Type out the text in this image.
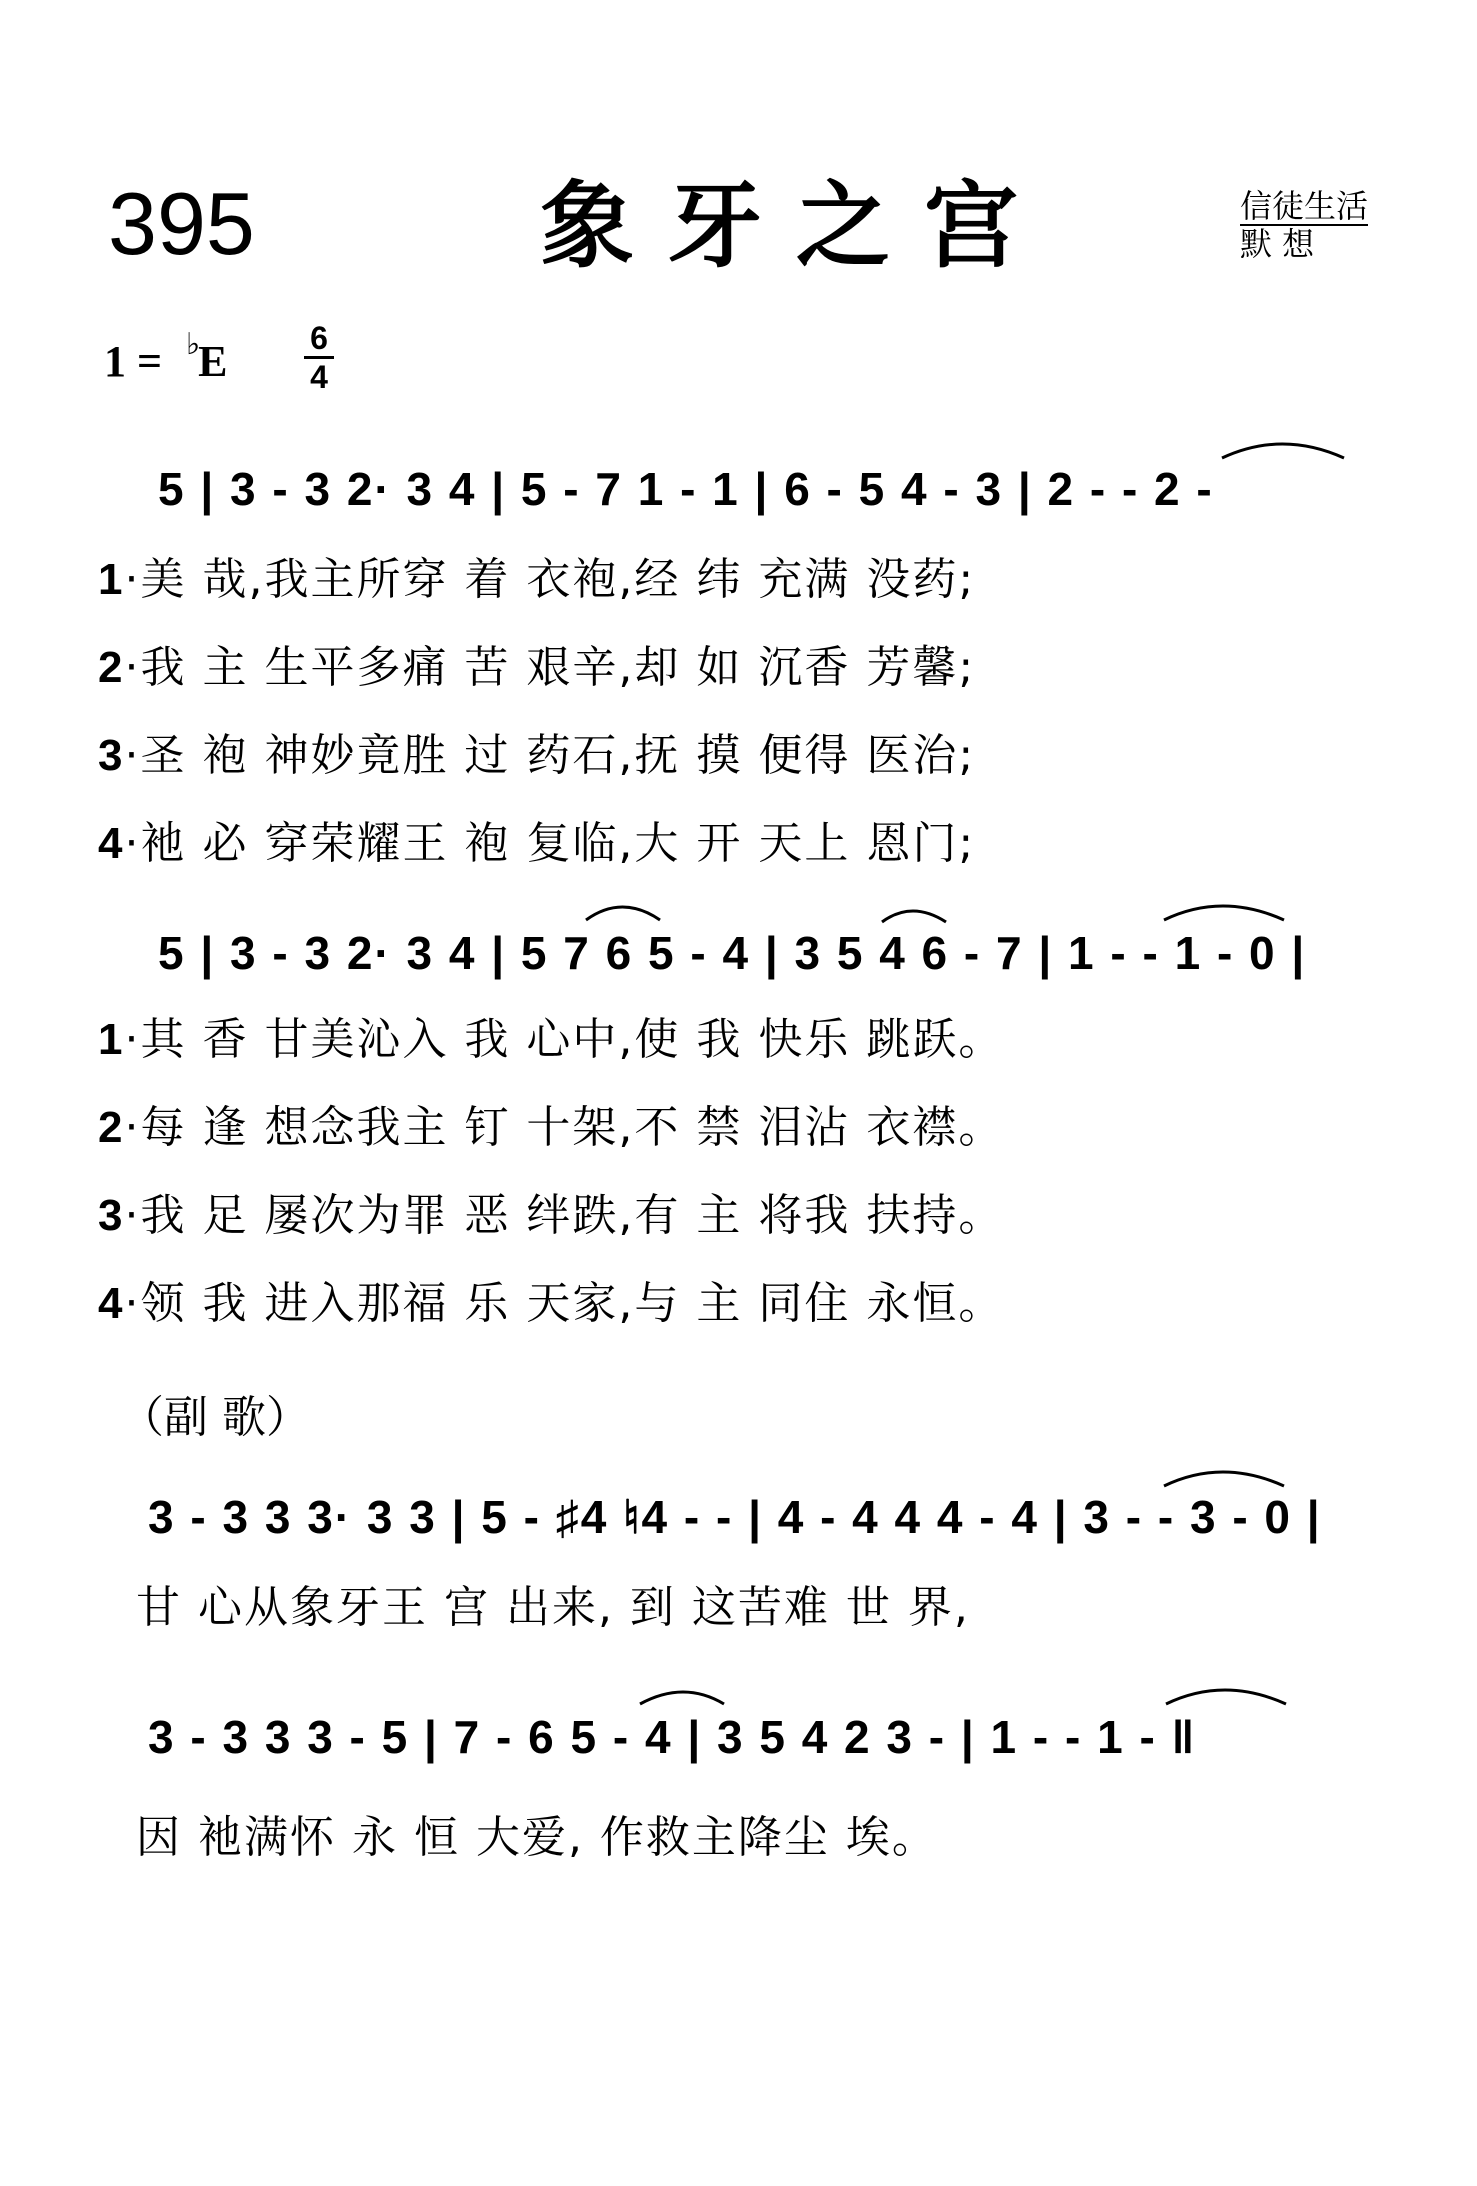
395	象牙之宫	信徒生活
默 想
1 = ♭
E $\frac{6}{4}$
5 | 3 - 3 2· 3 4 | 5 - 7 1 - 1 | 6 - 5 4 - 3 | 2 - - 2 -
1·美 哉,我主所穿 着 衣袍,经 纬 充满 没药;
2·我 主 生平多痛 苦 艰辛,却 如 沉香 芳馨;
3·圣 袍 神妙竟胜 过 药石,抚 摸 便得 医治;
4·衪 必 穿荣耀王 袍 复临,大 开 天上 恩门;
5 | 3 - 3 2· 3 4 | 5 7 6 5 - 4 | 3 5 4 6 - 7 | 1 - - 1 - 0 |
1·其 香 甘美沁入 我 心中,使 我 快乐 跳跃。
2·每 逢 想念我主 钉 十架,不 禁 泪沾 衣襟。
3·我 足 屡次为罪 恶 绊跌,有 主 将我 扶持。
4·领 我 进入那福 乐 天家,与 主 同住 永恒。
（副 歌）
3 - 3 3 3· 3 3 | 5 - ♯4 ♮4 - - | 4 - 4 4 4 - 4 | 3 - - 3 - 0 |
甘 心从象牙王 宫 出来, 到 这苦难 世 界,
3 - 3 3 3 - 5 | 7 - 6 5 - 4 | 3 5 4 2 3 - | 1 - - 1 - ‖
因 衪满怀 永 恒 大爱, 作救主降尘 埃。
